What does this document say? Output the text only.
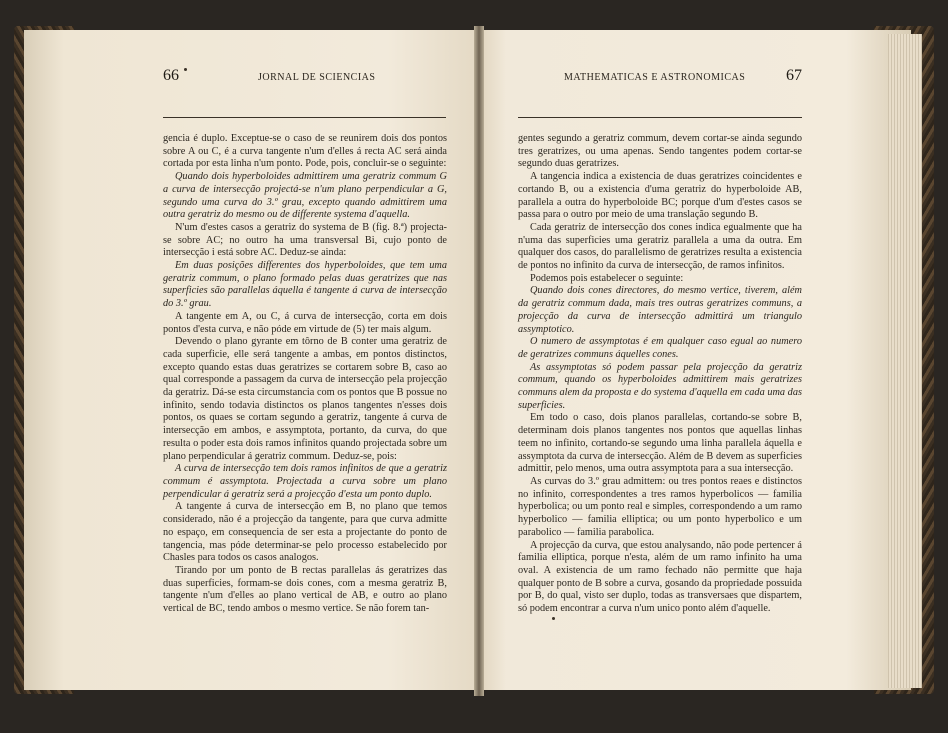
66	JORNAL DE SCIENCIAS	MATHEMATICAS E ASTRONOMICAS	67

gencia é duplo. Exceptue-se o caso de se reunirem dois dos pontos sobre A ou C, é a curva tangente n'um d'elles á recta AC será ainda cortada por esta linha n'um ponto. Pode, pois, concluir-se o seguinte:

Quando dois hyperboloides admittirem uma geratriz commum G a curva de intersecção projectá-se n'um plano perpendicular a G, segundo uma curva do 3.º grau, excepto quando admittirem uma outra geratriz do mesmo ou de differente systema d'aquella.

N'um d'estes casos a geratriz do systema de B (fig. 8.ª) projecta-se sobre AC; no outro ha uma transversal Bi, cujo ponto de intersecção i está sobre AC. Deduz-se ainda:

Em duas posições differentes dos hyperboloides, que tem uma geratriz commum, o plano formado pelas duas geratrizes que nas superficies são parallelas áquella é tangente á curva de intersecção do 3.º grau.

A tangente em A, ou C, á curva de intersecção, corta em dois pontos d'esta curva, e não póde em virtude de (5) ter mais algum.

Devendo o plano gyrante em tôrno de B conter uma geratriz de cada superficie, elle será tangente a ambas, em pontos distinctos, excepto quando estas duas geratrizes se cortarem sobre B, caso ao qual corresponde a passagem da curva de intersecção pela projecção da geratriz. Dá-se esta circumstancia com os pontos que B possue no infinito, sendo todavia distinctos os planos tangentes n'esses dois pontos, os quaes se cortam segundo a geratriz, tangente á curva de intersecção em ambos, e assymptota, portanto, da curva, do que resulta o poder esta dois ramos infinitos quando projectada sobre um plano perpendicular á geratriz commum. Deduz-se, pois:

A curva de intersecção tem dois ramos infinitos de que a geratriz commum é assymptota. Projectada a curva sobre um plano perpendicular á geratriz será a projecção d'esta um ponto duplo.

A tangente á curva de intersecção em B, no plano que temos considerado, não é a projecção da tangente, para que curva admitte no espaço, em consequencia de ser esta a projectante do ponto de tangencia, mas póde determinar-se pelo processo estabelecido por Chasles para todos os casos analogos.

Tirando por um ponto de B rectas parallelas ás geratrizes das duas superficies, formam-se dois cones, com a mesma geratriz B, tangente n'um d'elles ao plano vertical de AB, e outro ao plano vertical de BC, tendo ambos o mesmo vertice. Se não forem tan-

gentes segundo a geratriz commum, devem cortar-se ainda segundo tres geratrizes, ou uma apenas. Sendo tangentes podem cortar-se segundo duas geratrizes.

A tangencia indica a existencia de duas geratrizes coincidentes e cortando B, ou a existencia d'uma geratriz do hyperboloide AB, parallela a outra do hyperboloide BC; porque d'um d'estes casos se passa para o outro por meio de uma translação segundo B.

Cada geratriz de intersecção dos cones indica egualmente que ha n'uma das superficies uma geratriz parallela a uma da outra. Em qualquer dos casos, do parallelismo de geratrizes resulta a existencia de pontos no infinito da curva de intersecção, de ramos infinitos.

Podemos pois estabelecer o seguinte:

Quando dois cones directores, do mesmo vertice, tiverem, além da geratriz commum dada, mais tres outras geratrizes communs, a projecção da curva de intersecção admittirá um triangulo assymptotico.

O numero de assymptotas é em qualquer caso egual ao numero de geratrizes communs áquelles cones.

As assymptotas só podem passar pela projecção da geratriz commum, quando os hyperboloides admittirem mais geratrizes communs alem da proposta e do systema d'aquella em cada uma das superficies.

Em todo o caso, dois planos parallelas, cortando-se sobre B, determinam dois planos tangentes nos pontos que aquellas linhas teem no infinito, cortando-se segundo uma linha parallela áquella e assymptota da curva de intersecção. Além de B devem as superficies admittir, pelo menos, uma outra assymptota para a sua intersecção.

As curvas do 3.º grau admittem: ou tres pontos reaes e distinctos no infinito, correspondentes a tres ramos hyperbolicos — familia hyperbolica; ou um ponto real e simples, correspondendo a um ramo hyperbolico — familia elliptica; ou um ponto hyperbolico e um parabolico — familia parabolica.

A projecção da curva, que estou analysando, não pode pertencer á familia elliptica, porque n'esta, além de um ramo infinito ha uma oval. A existencia de um ramo fechado não permitte que haja qualquer ponto de B sobre a curva, gosando da propriedade possuida por B, do qual, visto ser duplo, todas as transversaes que dispartem, só podem encontrar a curva n'um unico ponto além d'aquelle.
